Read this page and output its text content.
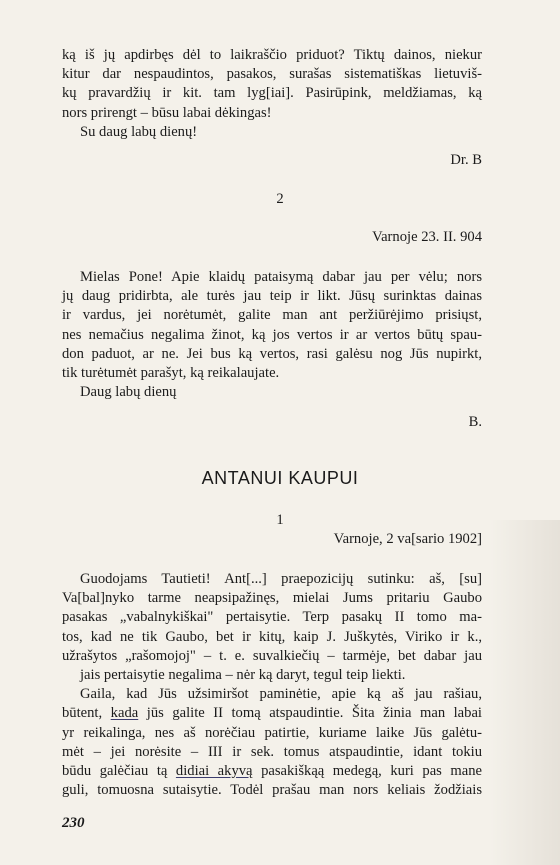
ką iš jų apdirbęs dėl to laikraščio priduot? Tiktų dainos, niekur
kitur dar nespaudintos, pasakos, surašas sistematiškas lietuviš-
kų pravardžių ir kit. tam lyg[iai]. Pasirūpink, meldžiamas, ką
nors prirengt – būsu labai dėkingas!
Su daug labų dienų!
Dr. B
2
Varnoje 23. II. 904
Mielas Pone! Apie klaidų pataisymą dabar jau per vėlu; nors
jų daug pridirbta, ale turės jau teip ir likt. Jūsų surinktas dainas
ir vardus, jei norėtumėt, galite man ant peržiūrėjimo prisiųst,
nes nemačius negalima žinot, ką jos vertos ir ar vertos būtų spau-
don paduot, ar ne. Jei bus ką vertos, rasi galėsu nog Jūs nupirkt,
tik turėtumėt parašyt, ką reikalaujate.
Daug labų dienų
B.
ANTANUI KAUPUI
1
Varnoje, 2 va[sario 1902]
Guodojams Tautieti! Ant[...] praepozicijų sutinku: aš, [su]
Va[bal]nyko tarme neapsipažinęs, mielai Jums pritariu Gaubo
pasakas „vabalnykiškai" pertaisytie. Terp pasakų II tomo ma-
tos, kad ne tik Gaubo, bet ir kitų, kaip J. Juškytės, Viriko ir k.,
užrašytos „rašomojoj" – t. e. suvalkiečių – tarmėje, bet dabar jau
jais pertaisytie negalima – nėr ką daryt, tegul teip liekti.
Gaila, kad Jūs užsimiršot paminėtie, apie ką aš jau rašiau,
būtent, kada jūs galite II tomą atspaudintie. Šita žinia man labai
yr reikalinga, nes aš norėčiau patirtie, kuriame laike Jūs galėtu-
mėt – jei norėsite – III ir sek. tomus atspaudintie, idant tokiu
būdu galėčiau tą didiai akyvą pasakiškąą medegą, kuri pas mane
guli, tomuosna sutaisytie. Todėl prašau man nors keliais žodžiais
230
